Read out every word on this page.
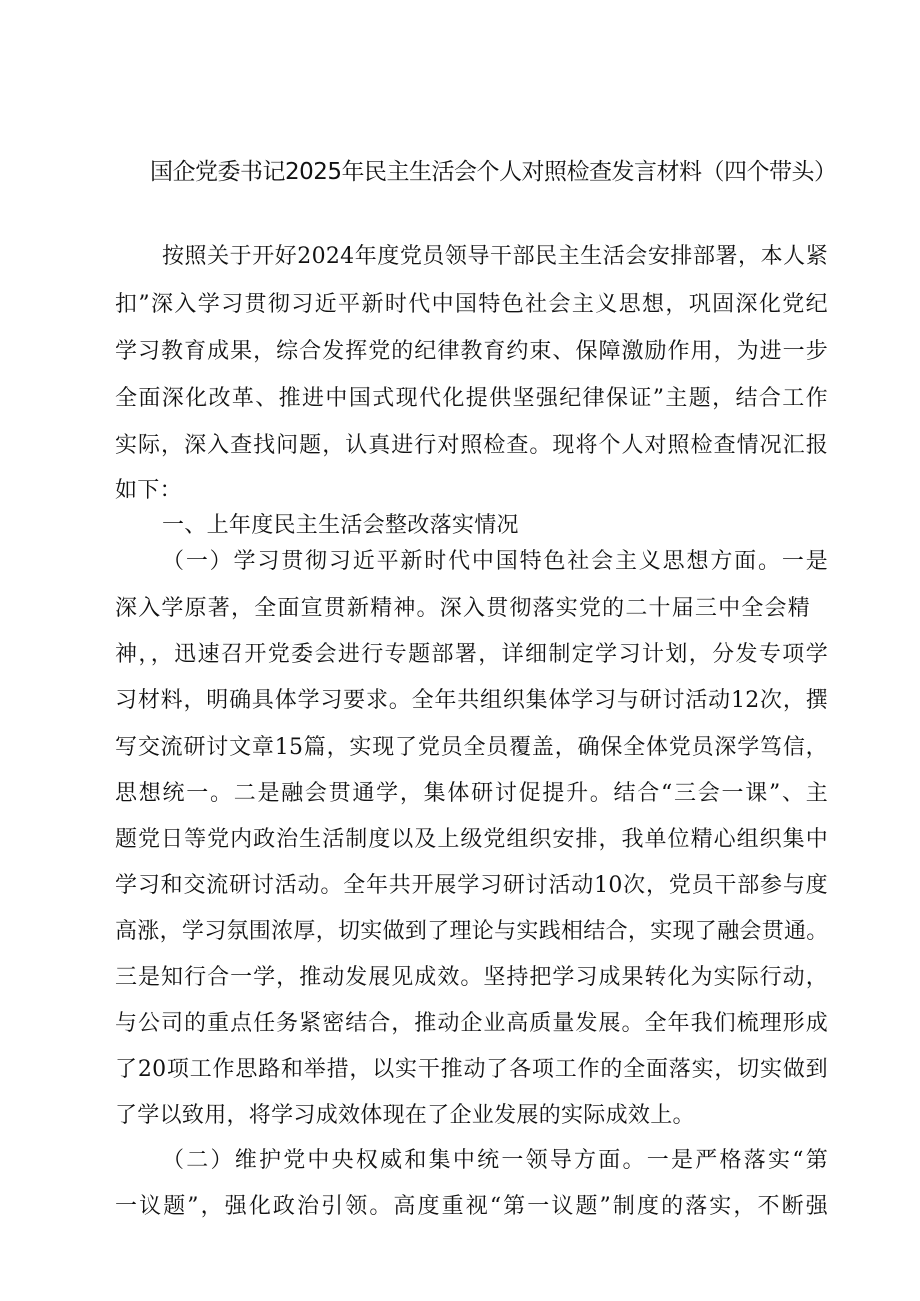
国企党委书记2025年民主生活会个人对照检查发言材料（四个带头）
按照关于开好2024年度党员领导干部民主生活会安排部署，本人紧
扣”深入学习贯彻习近平新时代中国特色社会主义思想，巩固深化党纪
学习教育成果，综合发挥党的纪律教育约束、保障激励作用，为进一步
全面深化改革、推进中国式现代化提供坚强纪律保证”主题，结合工作
实际，深入查找问题，认真进行对照检查。现将个人对照检查情况汇报
如下：
一、上年度民主生活会整改落实情况
（一）学习贯彻习近平新时代中国特色社会主义思想方面。一是
深入学原著，全面宣贯新精神。深入贯彻落实党的二十届三中全会精
神，，迅速召开党委会进行专题部署，详细制定学习计划，分发专项学
习材料，明确具体学习要求。全年共组织集体学习与研讨活动12次，撰
写交流研讨文章15篇，实现了党员全员覆盖，确保全体党员深学笃信，
思想统一。二是融会贯通学，集体研讨促提升。结合“三会一课”、主
题党日等党内政治生活制度以及上级党组织安排，我单位精心组织集中
学习和交流研讨活动。全年共开展学习研讨活动10次，党员干部参与度
高涨，学习氛围浓厚，切实做到了理论与实践相结合，实现了融会贯通。
三是知行合一学，推动发展见成效。坚持把学习成果转化为实际行动，
与公司的重点任务紧密结合，推动企业高质量发展。全年我们梳理形成
了20项工作思路和举措，以实干推动了各项工作的全面落实，切实做到
了学以致用，将学习成效体现在了企业发展的实际成效上。
（二）维护党中央权威和集中统一领导方面。一是严格落实“第
一议题”，强化政治引领。高度重视“第一议题”制度的落实，不断强
